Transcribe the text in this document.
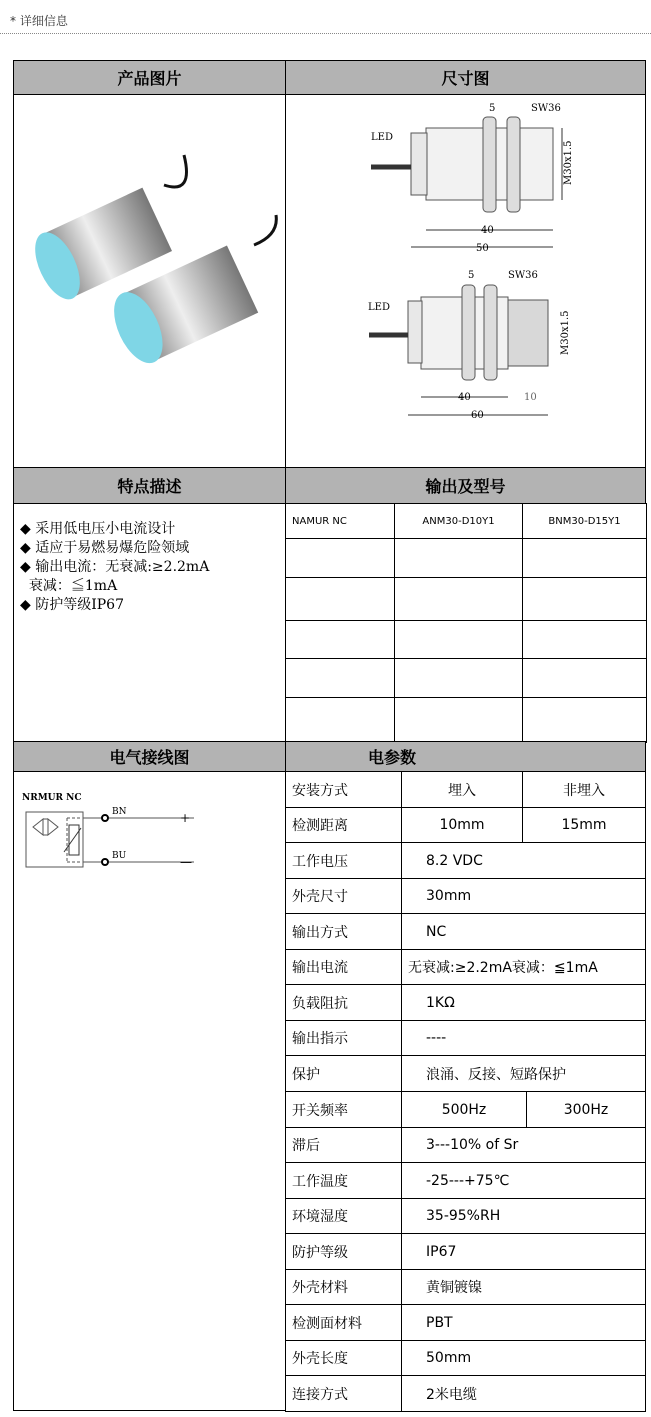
* 详细信息
产品图片	尺寸图
LED
5	SW36
M30x1.5
40
50
LED
5	SW36
M30x1.5
40	10
60
特点描述	输出及型号
◆ 采用低电压小电流设计
◆ 适应于易燃易爆危险领域
◆ 输出电流：无衰减:≥2.2mA
衰减：≦1mA
◆ 防护等级IP67
NAMUR NC	ANM30-D10Y1	BNM30-D15Y1
电气接线图	电参数
NRMUR NC
BN
BU
+
—
安装方式	埋入	非埋入
检测距离	10mm	15mm
工作电压	8.2 VDC
外壳尺寸	30mm
输出方式	NC
输出电流	无衰减:≥2.2mA衰减：≦1mA
负载阻抗	1KΩ
输出指示	----
保护	浪涌、反接、短路保护
开关频率	500Hz	300Hz
滞后	3---10% of Sr
工作温度	-25---+75℃
环境湿度	35-95%RH
防护等级	IP67
外壳材料	黄铜镀镍
检测面材料	PBT
外壳长度	50mm
连接方式	2米电缆
